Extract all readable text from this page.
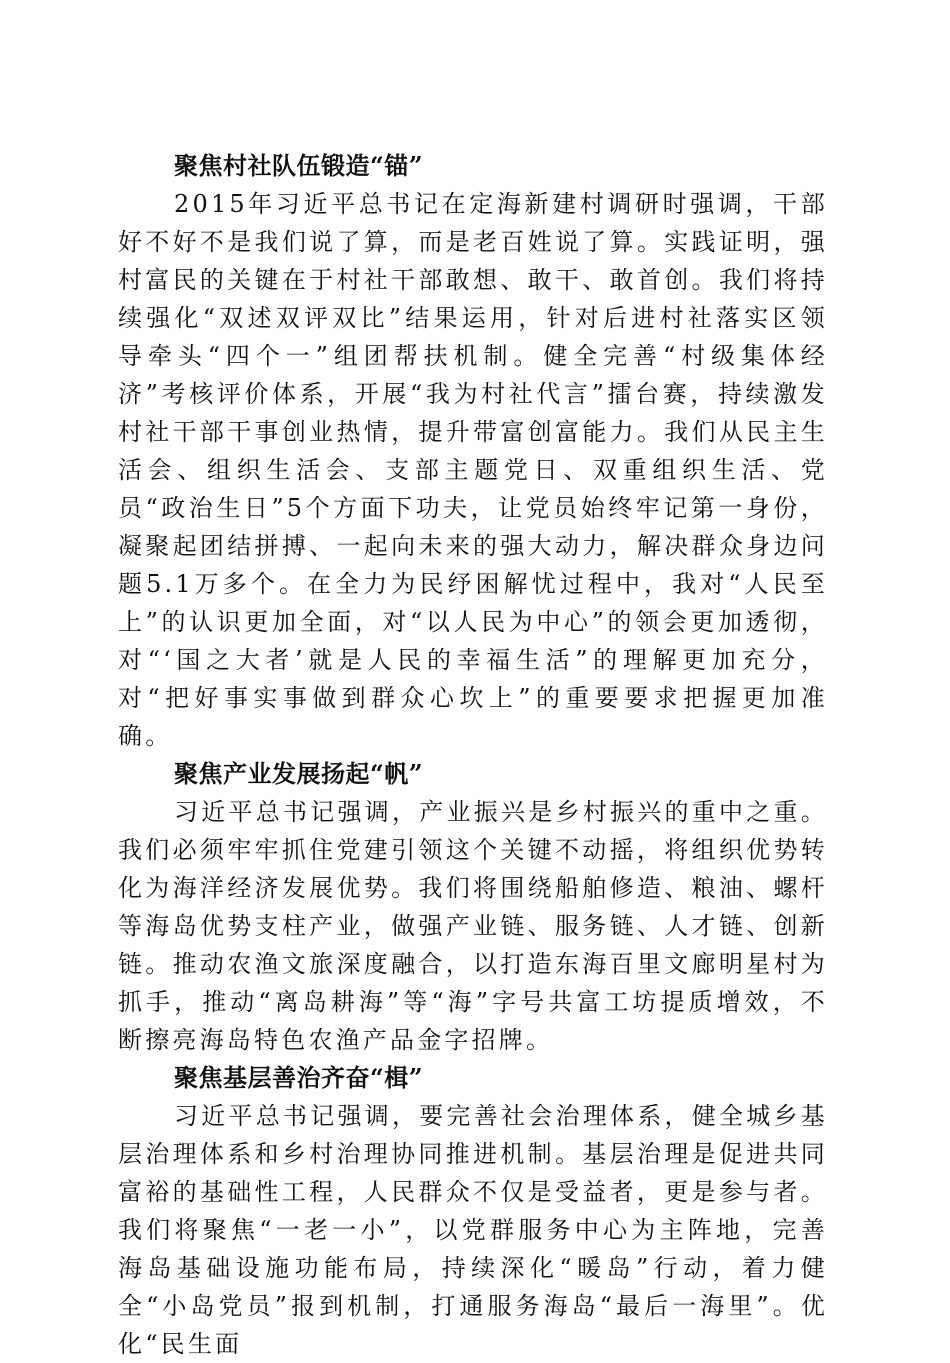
聚焦村社队伍锻造“锚”

2015年习近平总书记在定海新建村调研时强调，干部好不好不是我们说了算，而是老百姓说了算。实践证明，强村富民的关键在于村社干部敢想、敢干、敢首创。我们将持续强化“双述双评双比”结果运用，针对后进村社落实区领导牵头“四个一”组团帮扶机制。健全完善“村级集体经济”考核评价体系，开展“我为村社代言”擂台赛，持续激发村社干部干事创业热情，提升带富创富能力。我们从民主生活会、组织生活会、支部主题党日、双重组织生活、党员“政治生日”5个方面下功夫，让党员始终牢记第一身份，凝聚起团结拼搏、一起向未来的强大动力，解决群众身边问题5.1万多个。在全力为民纾困解忧过程中，我对“人民至上”的认识更加全面，对“以人民为中心”的领会更加透彻，对“‘国之大者’就是人民的幸福生活”的理解更加充分，对“把好事实事做到群众心坎上”的重要要求把握更加准确。

聚焦产业发展扬起“帆”

习近平总书记强调，产业振兴是乡村振兴的重中之重。我们必须牢牢抓住党建引领这个关键不动摇，将组织优势转化为海洋经济发展优势。我们将围绕船舶修造、粮油、螺杆等海岛优势支柱产业，做强产业链、服务链、人才链、创新链。推动农渔文旅深度融合，以打造东海百里文廊明星村为抓手，推动“离岛耕海”等“海”字号共富工坊提质增效，不断擦亮海岛特色农渔产品金字招牌。

聚焦基层善治齐奋“楫”

习近平总书记强调，要完善社会治理体系，健全城乡基层治理体系和乡村治理协同推进机制。基层治理是促进共同富裕的基础性工程，人民群众不仅是受益者，更是参与者。我们将聚焦“一老一小”，以党群服务中心为主阵地，完善海岛基础设施功能布局，持续深化“暖岛”行动，着力健全“小岛党员”报到机制，打通服务海岛“最后一海里”。优化“民生面
